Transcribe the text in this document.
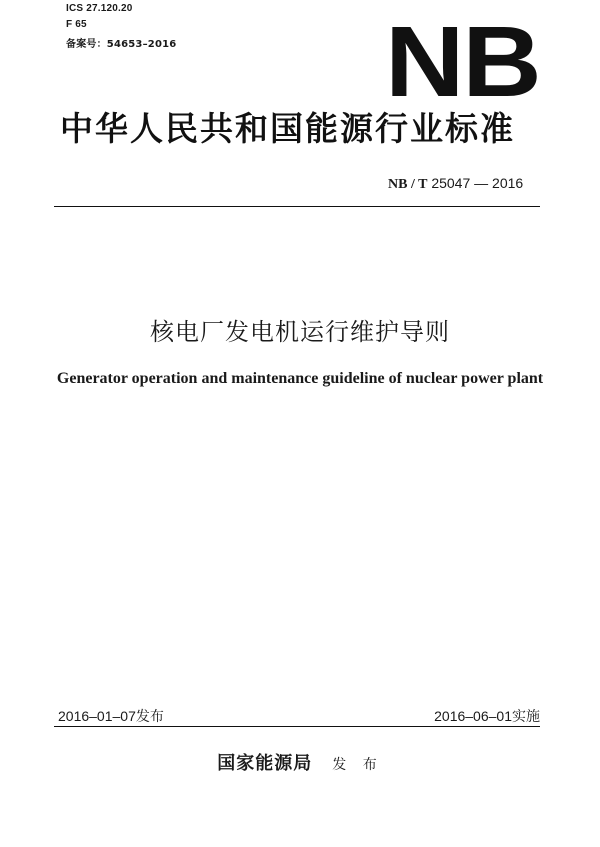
ICS 27.120.20
F 65
备案号：54653–2016 NB
中华人民共和国能源行业标准
NB / T 25047 — 2016
核电厂发电机运行维护导则
Generator operation and maintenance guideline of nuclear power plant
2016–01–07发布	2016–06–01实施
国家能源局 发 布
